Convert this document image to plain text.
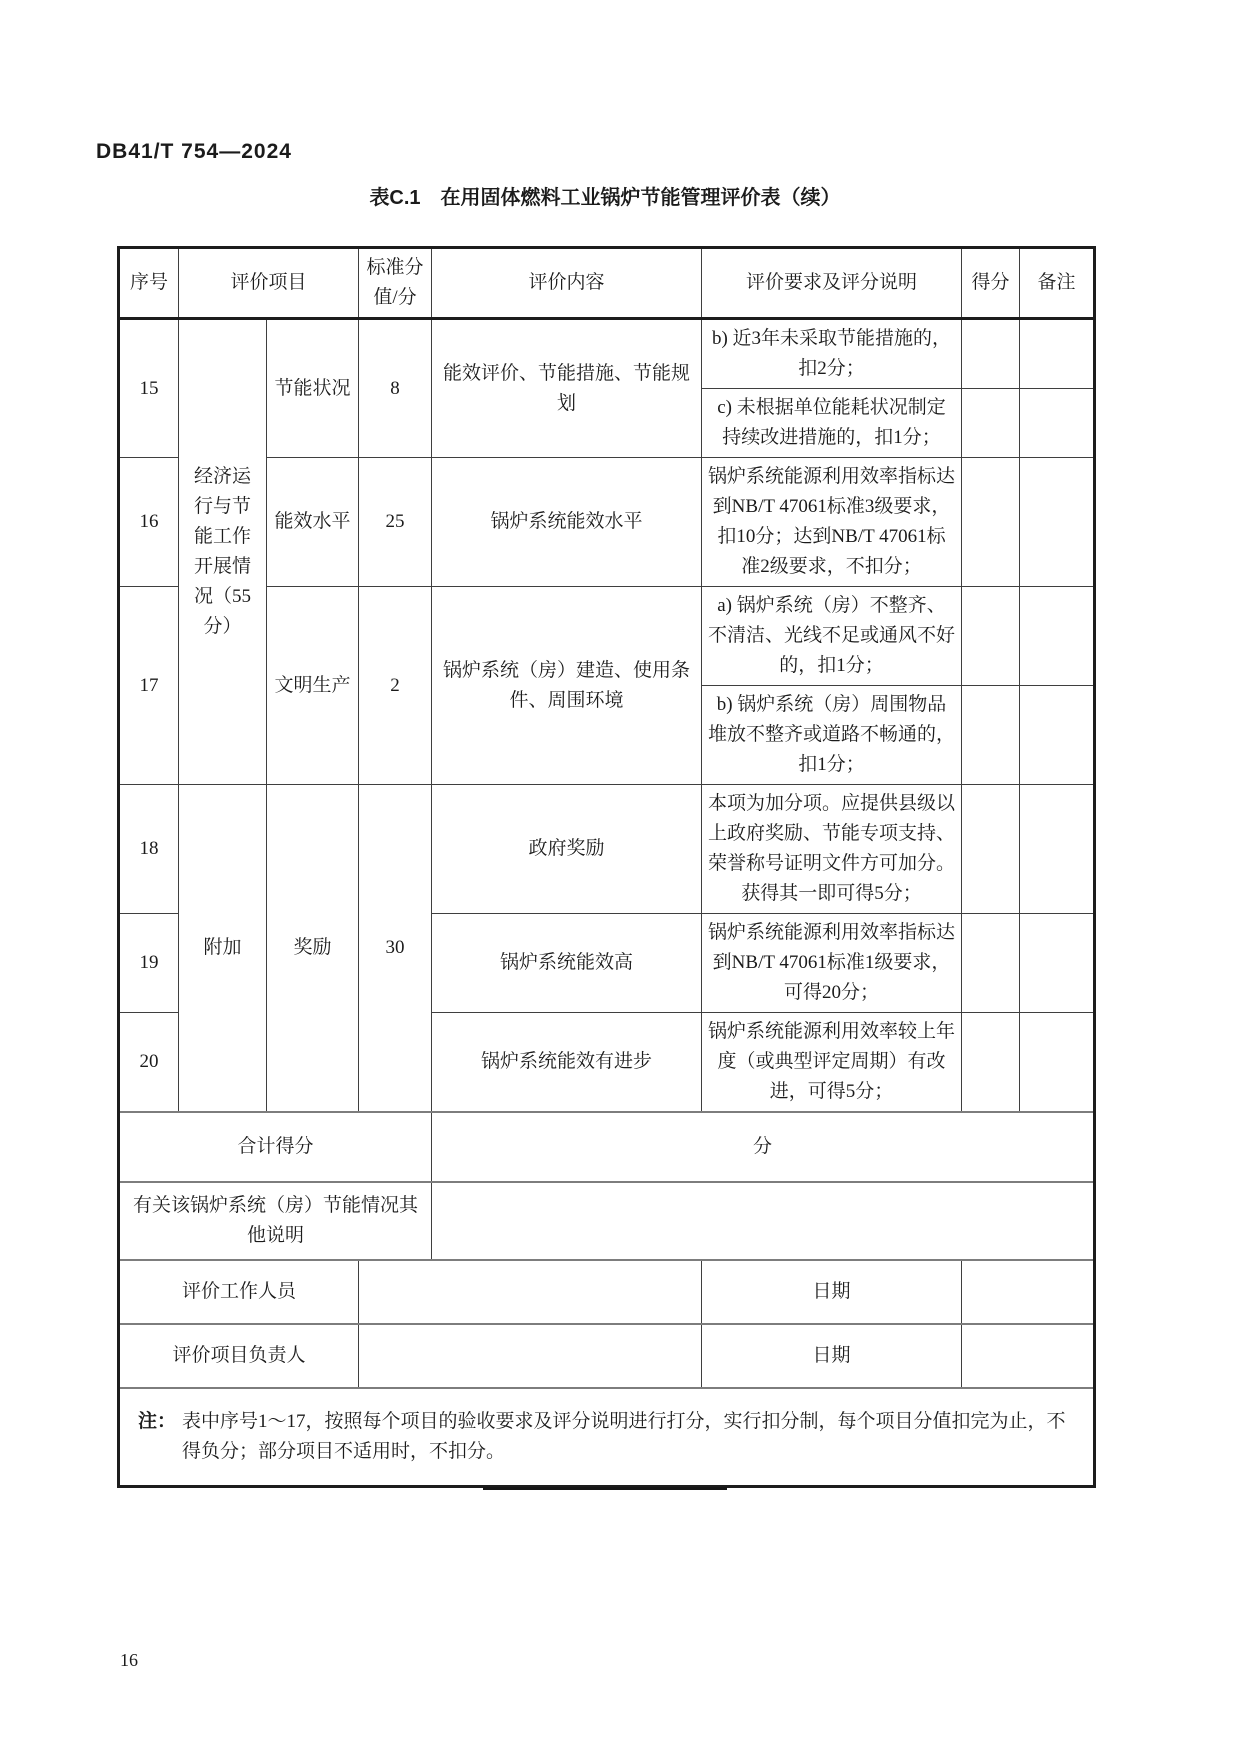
DB41/T 754—2024
表C.1　在用固体燃料工业锅炉节能管理评价表（续）
序号	评价项目		标准分值/分	评价内容	评价要求及评分说明	得分	备注
15	经济运行与节能工作开展情况（55分）	节能状况	8	能效评价、节能措施、节能规划	b) 近3年未采取节能措施的，扣2分；		
					c) 未根据单位能耗状况制定持续改进措施的，扣1分；		
16		能效水平	25	锅炉系统能效水平	锅炉系统能源利用效率指标达到NB/T 47061标准3级要求，扣10分；达到NB/T 47061标准2级要求，不扣分；		
17		文明生产	2	锅炉系统（房）建造、使用条件、周围环境	a) 锅炉系统（房）不整齐、不清洁、光线不足或通风不好的，扣1分；		
					b) 锅炉系统（房）周围物品堆放不整齐或道路不畅通的，扣1分；		
18	附加	奖励	30	政府奖励	本项为加分项。应提供县级以上政府奖励、节能专项支持、荣誉称号证明文件方可加分。获得其一即可得5分；		
19				锅炉系统能效高	锅炉系统能源利用效率指标达到NB/T 47061标准1级要求，可得20分；		
20				锅炉系统能效有进步	锅炉系统能源利用效率较上年度（或典型评定周期）有改进，可得5分；		
合计得分				分			
有关该锅炉系统（房）节能情况其他说明							
评价工作人员					日期		
评价项目负责人					日期		

注： 表中序号1～17，按照每个项目的验收要求及评分说明进行打分，实行扣分制，每个项目分值扣完为止，不得负分；部分项目不适用时，不扣分。							
16
